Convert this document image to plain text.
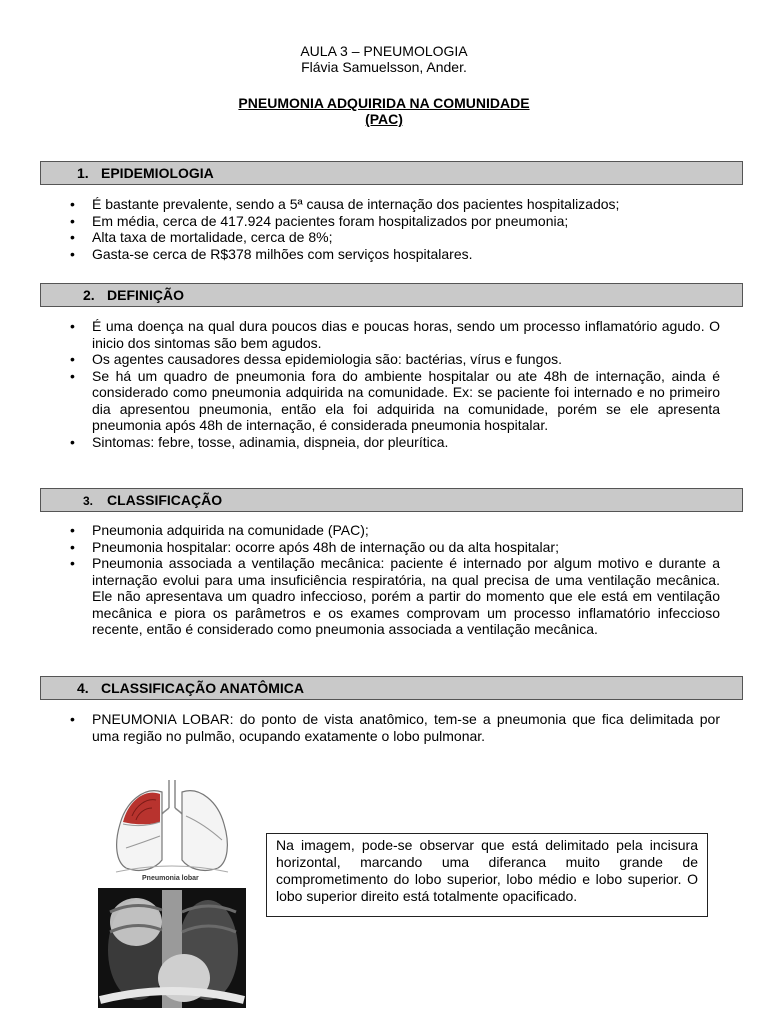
AULA 3 – PNEUMOLOGIA
Flávia Samuelsson, Ander.
PNEUMONIA ADQUIRIDA NA COMUNIDADE
(PAC)
1. EPIDEMIOLOGIA
• É bastante prevalente, sendo a 5ª causa de internação dos pacientes hospitalizados;
• Em média, cerca de 417.924 pacientes foram hospitalizados por pneumonia;
• Alta taxa de mortalidade, cerca de 8%;
• Gasta-se cerca de R$378 milhões com serviços hospitalares.
2. DEFINIÇÃO
• É uma doença na qual dura poucos dias e poucas horas, sendo um processo inflamatório agudo. O inicio dos sintomas são bem agudos.
• Os agentes causadores dessa epidemiologia são: bactérias, vírus e fungos.
• Se há um quadro de pneumonia fora do ambiente hospitalar ou ate 48h de internação, ainda é considerado como pneumonia adquirida na comunidade. Ex: se paciente foi internado e no primeiro dia apresentou pneumonia, então ela foi adquirida na comunidade, porém se ele apresenta pneumonia após 48h de internação, é considerada pneumonia hospitalar.
• Sintomas: febre, tosse, adinamia, dispneia, dor pleurítica.
3. CLASSIFICAÇÃO
• Pneumonia adquirida na comunidade (PAC);
• Pneumonia hospitalar: ocorre após 48h de internação ou da alta hospitalar;
• Pneumonia associada a ventilação mecânica: paciente é internado por algum motivo e durante a internação evolui para uma insuficiência respiratória, na qual precisa de uma ventilação mecânica. Ele não apresentava um quadro infeccioso, porém a partir do momento que ele está em ventilação mecânica e piora os parâmetros e os exames comprovam um processo inflamatório infeccioso recente, então é considerado como pneumonia associada a ventilação mecânica.
4. CLASSIFICAÇÃO ANATÔMICA
• PNEUMONIA LOBAR: do ponto de vista anatômico, tem-se a pneumonia que fica delimitada por uma região no pulmão, ocupando exatamente o lobo pulmonar.
Pneumonia lobar
Na imagem, pode-se observar que está delimitado pela incisura horizontal, marcando uma diferanca muito grande de comprometimento do lobo superior, lobo médio e lobo superior. O lobo superior direito está totalmente opacificado.
